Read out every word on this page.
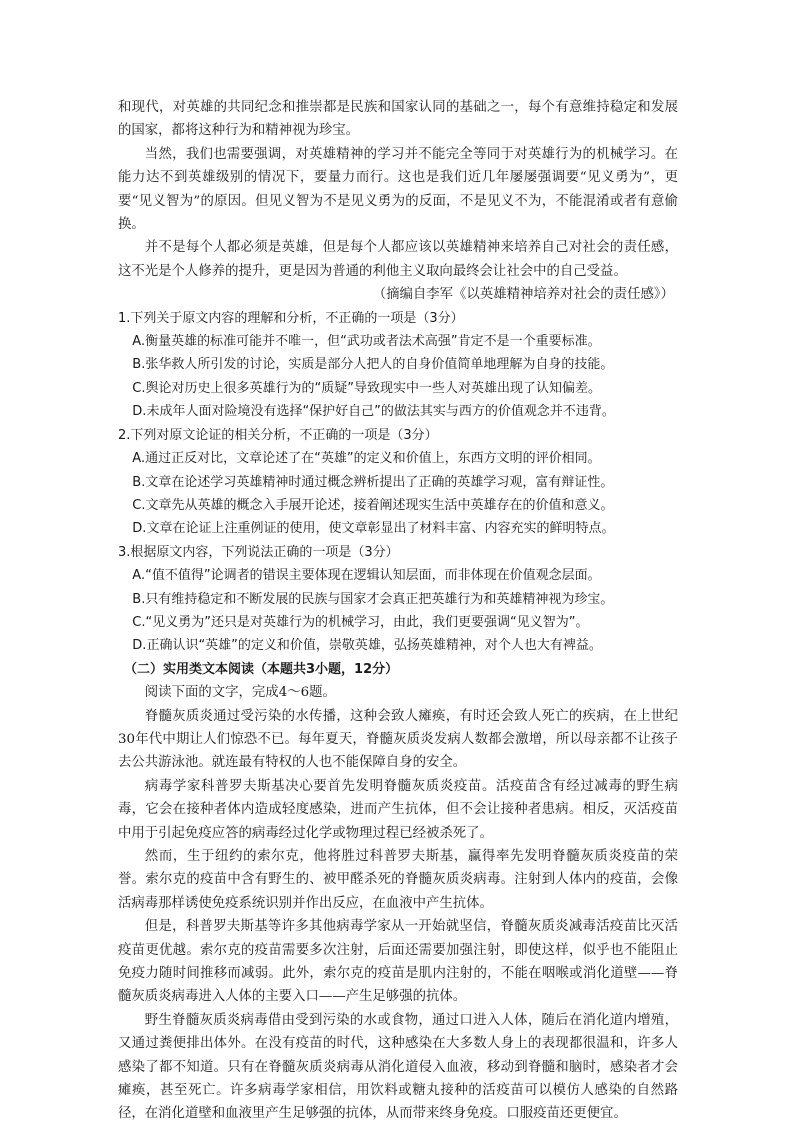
和现代，对英雄的共同纪念和推崇都是民族和国家认同的基础之一，每个有意维持稳定和发展的国家，都将这种行为和精神视为珍宝。

当然，我们也需要强调，对英雄精神的学习并不能完全等同于对英雄行为的机械学习。在能力达不到英雄级别的情况下，要量力而行。这也是我们近几年屡屡强调要“见义勇为”，更要“见义智为”的原因。但见义智为不是见义勇为的反面，不是见义不为，不能混淆或者有意偷换。

并不是每个人都必须是英雄，但是每个人都应该以英雄精神来培养自己对社会的责任感，这不光是个人修养的提升，更是因为普通的利他主义取向最终会让社会中的自己受益。

（摘编自李军《以英雄精神培养对社会的责任感》）

1.下列关于原文内容的理解和分析，不正确的一项是（3分）

A.衡量英雄的标准可能并不唯一，但“武功或者法术高强”肯定不是一个重要标准。

B.张华救人所引发的讨论，实质是部分人把人的自身价值简单地理解为自身的技能。

C.舆论对历史上很多英雄行为的“质疑”导致现实中一些人对英雄出现了认知偏差。

D.未成年人面对险境没有选择“保护好自己”的做法其实与西方的价值观念并不违背。

2.下列对原文论证的相关分析，不正确的一项是（3分）

A.通过正反对比，文章论述了在“英雄”的定义和价值上，东西方文明的评价相同。

B.文章在论述学习英雄精神时通过概念辨析提出了正确的英雄学习观，富有辩证性。

C.文章先从英雄的概念入手展开论述，接着阐述现实生活中英雄存在的价值和意义。

D.文章在论证上注重例证的使用，使文章彰显出了材料丰富、内容充实的鲜明特点。

3.根据原文内容，下列说法正确的一项是（3分）

A.“值不值得”论调者的错误主要体现在逻辑认知层面，而非体现在价值观念层面。

B.只有维持稳定和不断发展的民族与国家才会真正把英雄行为和英雄精神视为珍宝。

C.“见义勇为”还只是对英雄行为的机械学习，由此，我们更要强调“见义智为”。

D.正确认识“英雄”的定义和价值，崇敬英雄，弘扬英雄精神，对个人也大有裨益。

（二）实用类文本阅读（本题共3小题，12分）

阅读下面的文字，完成4～6题。

脊髓灰质炎通过受污染的水传播，这种会致人瘫痪，有时还会致人死亡的疾病，在上世纪30年代中期让人们惊恐不已。每年夏天，脊髓灰质炎发病人数都会激增，所以母亲都不让孩子去公共游泳池。就连最有特权的人也不能保障自身的安全。

病毒学家科普罗夫斯基决心要首先发明脊髓灰质炎疫苗。活疫苗含有经过减毒的野生病毒，它会在接种者体内造成轻度感染，进而产生抗体，但不会让接种者患病。相反，灭活疫苗中用于引起免疫应答的病毒经过化学或物理过程已经被杀死了。

然而，生于纽约的索尔克，他将胜过科普罗夫斯基，赢得率先发明脊髓灰质炎疫苗的荣誉。索尔克的疫苗中含有野生的、被甲醛杀死的脊髓灰质炎病毒。注射到人体内的疫苗，会像活病毒那样诱使免疫系统识别并作出反应，在血液中产生抗体。

但是，科普罗夫斯基等许多其他病毒学家从一开始就坚信，脊髓灰质炎减毒活疫苗比灭活疫苗更优越。索尔克的疫苗需要多次注射，后面还需要加强注射，即使这样，似乎也不能阻止免疫力随时间推移而减弱。此外，索尔克的疫苗是肌内注射的，不能在咽喉或消化道壁——脊髓灰质炎病毒进入人体的主要入口——产生足够强的抗体。

野生脊髓灰质炎病毒借由受到污染的水或食物，通过口进入人体，随后在消化道内增殖，又通过粪便排出体外。在没有疫苗的时代，这种感染在大多数人身上的表现都很温和，许多人感染了都不知道。只有在脊髓灰质炎病毒从消化道侵入血液，移动到脊髓和脑时，感染者才会瘫痪，甚至死亡。许多病毒学家相信，用饮料或糖丸接种的活疫苗可以模仿人感染的自然路径，在消化道壁和血液里产生足够强的抗体，从而带来终身免疫。口服疫苗还更便宜。
